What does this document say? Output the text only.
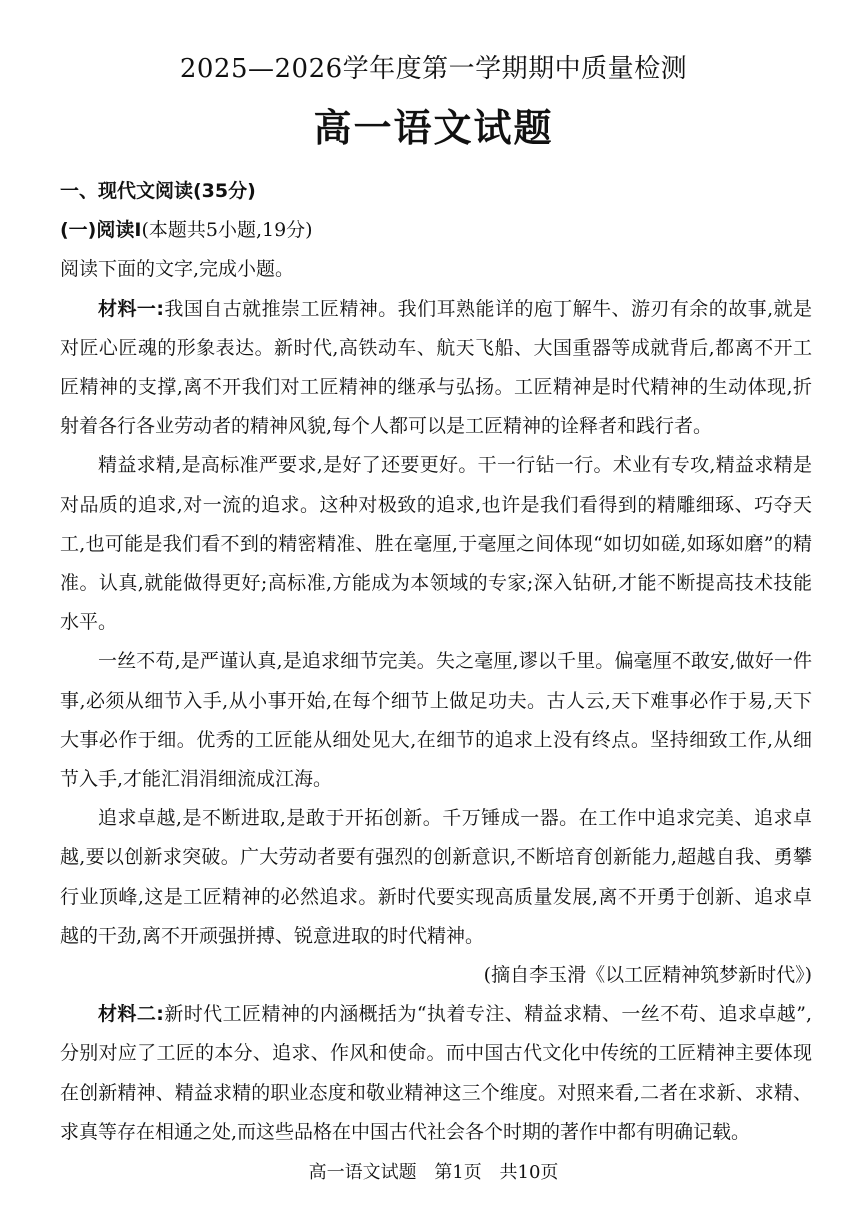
2025—2026学年度第一学期期中质量检测
高一语文试题

一、现代文阅读(35分)

(一)阅读Ⅰ(本题共5小题,19分)

阅读下面的文字,完成小题。

材料一:我国自古就推崇工匠精神。我们耳熟能详的庖丁解牛、游刃有余的故事,就是对匠心匠魂的形象表达。新时代,高铁动车、航天飞船、大国重器等成就背后,都离不开工匠精神的支撑,离不开我们对工匠精神的继承与弘扬。工匠精神是时代精神的生动体现,折射着各行各业劳动者的精神风貌,每个人都可以是工匠精神的诠释者和践行者。

精益求精,是高标准严要求,是好了还要更好。干一行钻一行。术业有专攻,精益求精是对品质的追求,对一流的追求。这种对极致的追求,也许是我们看得到的精雕细琢、巧夺天工,也可能是我们看不到的精密精准、胜在毫厘,于毫厘之间体现“如切如磋,如琢如磨”的精准。认真,就能做得更好;高标准,方能成为本领域的专家;深入钻研,才能不断提高技术技能水平。

一丝不苟,是严谨认真,是追求细节完美。失之毫厘,谬以千里。偏毫厘不敢安,做好一件事,必须从细节入手,从小事开始,在每个细节上做足功夫。古人云,天下难事必作于易,天下大事必作于细。优秀的工匠能从细处见大,在细节的追求上没有终点。坚持细致工作,从细节入手,才能汇涓涓细流成江海。

追求卓越,是不断进取,是敢于开拓创新。千万锤成一器。在工作中追求完美、追求卓越,要以创新求突破。广大劳动者要有强烈的创新意识,不断培育创新能力,超越自我、勇攀行业顶峰,这是工匠精神的必然追求。新时代要实现高质量发展,离不开勇于创新、追求卓越的干劲,离不开顽强拼搏、锐意进取的时代精神。

(摘自李玉滑《以工匠精神筑梦新时代》)

材料二:新时代工匠精神的内涵概括为“执着专注、精益求精、一丝不苟、追求卓越”,分别对应了工匠的本分、追求、作风和使命。而中国古代文化中传统的工匠精神主要体现在创新精神、精益求精的职业态度和敬业精神这三个维度。对照来看,二者在求新、求精、求真等存在相通之处,而这些品格在中国古代社会各个时期的著作中都有明确记载。

高一语文试题 第1页 共10页
